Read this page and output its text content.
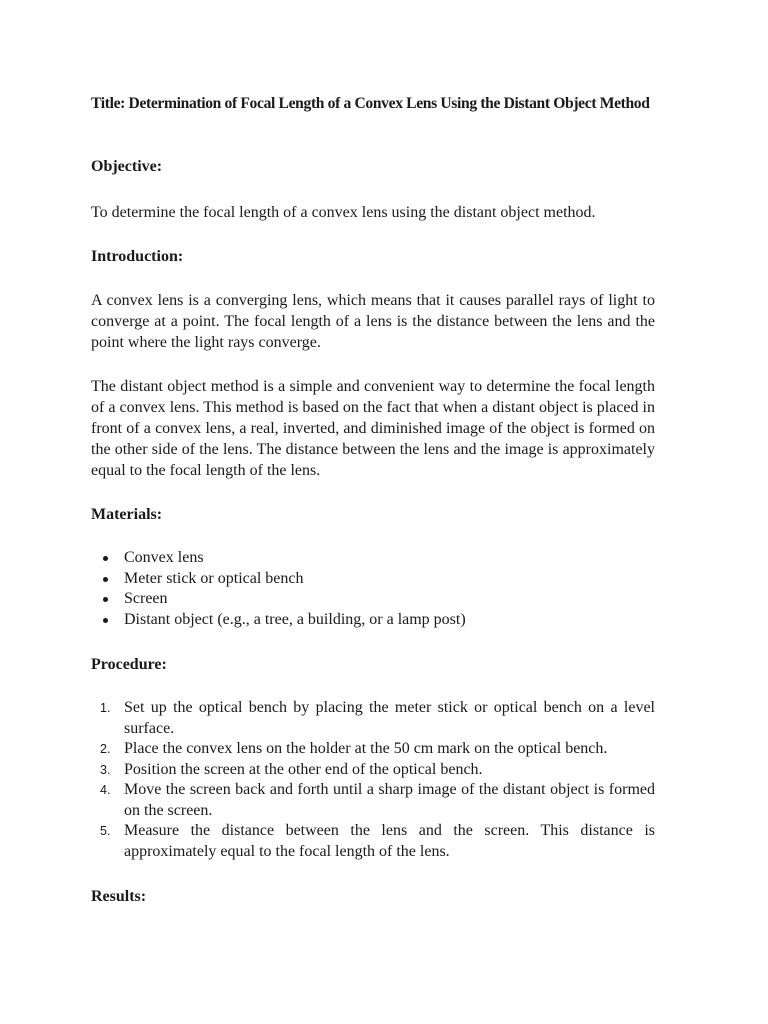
Title: Determination of Focal Length of a Convex Lens Using the Distant Object Method

Objective:

To determine the focal length of a convex lens using the distant object method.

Introduction:

A convex lens is a converging lens, which means that it causes parallel rays of light to converge at a point. The focal length of a lens is the distance between the lens and the point where the light rays converge.

The distant object method is a simple and convenient way to determine the focal length of a convex lens. This method is based on the fact that when a distant object is placed in front of a convex lens, a real, inverted, and diminished image of the object is formed on the other side of the lens. The distance between the lens and the image is approximately equal to the focal length of the lens.

Materials:

Convex lens
Meter stick or optical bench
Screen
Distant object (e.g., a tree, a building, or a lamp post)

Procedure:

1. Set up the optical bench by placing the meter stick or optical bench on a level surface.
2. Place the convex lens on the holder at the 50 cm mark on the optical bench.
3. Position the screen at the other end of the optical bench.
4. Move the screen back and forth until a sharp image of the distant object is formed on the screen.
5. Measure the distance between the lens and the screen. This distance is approximately equal to the focal length of the lens.

Results:
